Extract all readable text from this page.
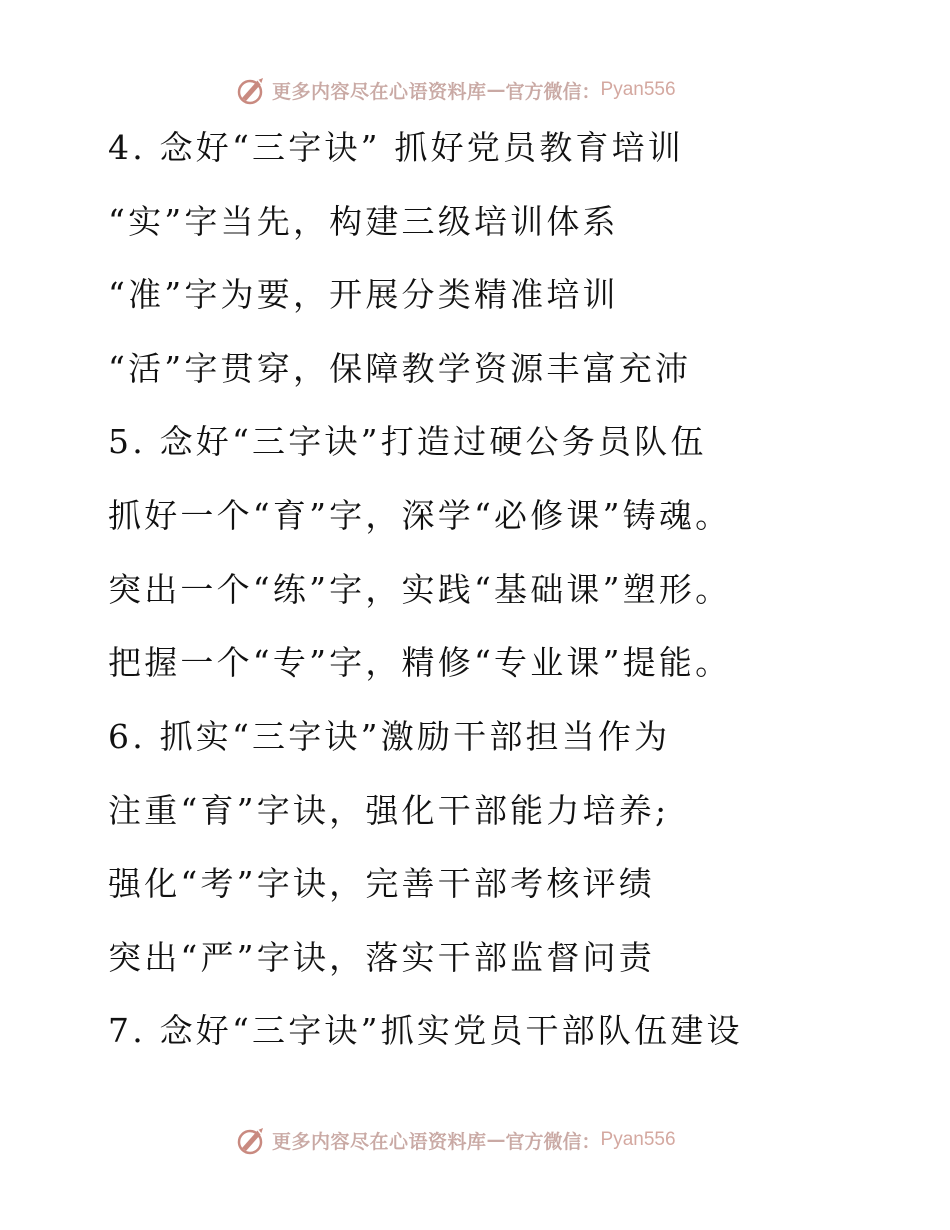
更多内容尽在心语资料库 — 官方微信： Pyan556
4. 念好“三字诀” 抓好党员教育培训
“实”字当先，构建三级培训体系
“准”字为要，开展分类精准培训
“活”字贯穿，保障教学资源丰富充沛
5. 念好“三字诀”打造过硬公务员队伍
抓好一个“育”字，深学“必修课”铸魂。
突出一个“练”字，实践“基础课”塑形。
把握一个“专”字，精修“专业课”提能。
6. 抓实“三字诀”激励干部担当作为
注重“育”字诀，强化干部能力培养;
强化“考”字诀，完善干部考核评绩
突出“严”字诀，落实干部监督问责
7. 念好“三字诀”抓实党员干部队伍建设
更多内容尽在心语资料库 — 官方微信： Pyan556
